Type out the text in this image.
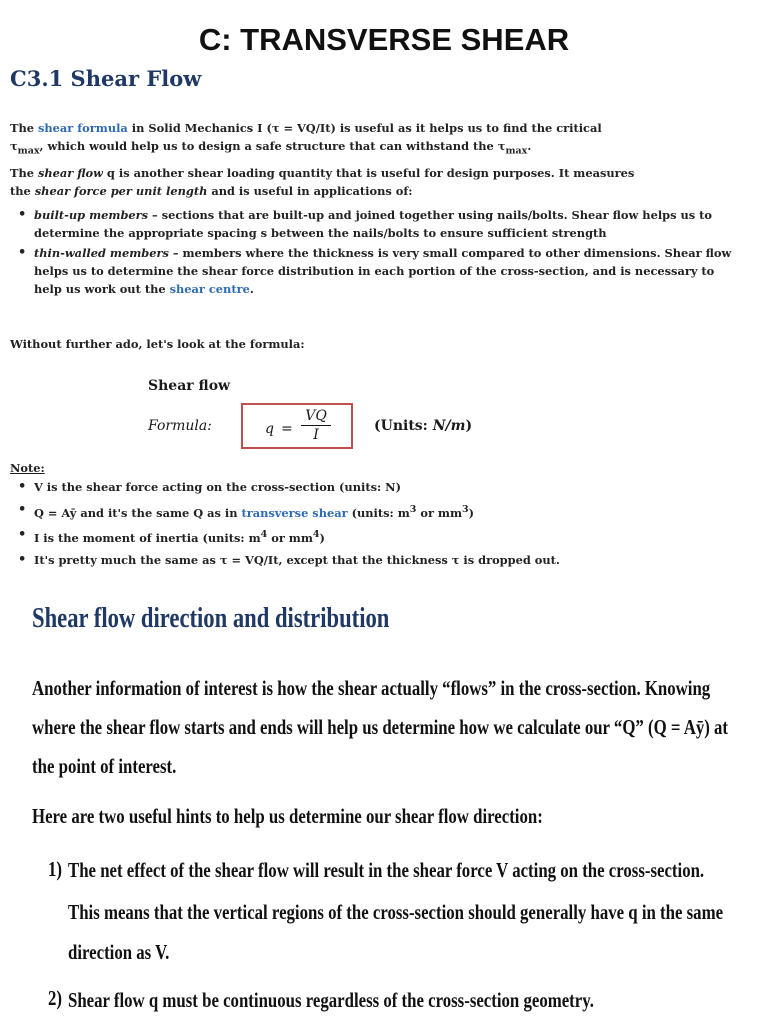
C: TRANSVERSE SHEAR
C3.1 Shear Flow
The shear formula in Solid Mechanics I (τ = VQ/It) is useful as it helps us to find the critical
$\tau_{max}$, which would help us to design a safe structure that can withstand the $\tau_{max}$.
The shear flow q is another shear loading quantity that is useful for design purposes. It measures
the shear force per unit length and is useful in applications of:
• built-up members – sections that are built-up and joined together using nails/bolts. Shear flow helps us to determine the appropriate spacing s between the nails/bolts to ensure sufficient strength
• thin-walled members – members where the thickness is very small compared to other dimensions. Shear flow helps us to determine the shear force distribution in each portion of the cross-section, and is necessary to help us work out the shear centre.
Without further ado, let's look at the formula:
Shear flow
Formula:	$q = \frac{VQ}{I}$	(Units: N/m)
Note:
• V is the shear force acting on the cross-section (units: N)
• Q = Aȳ and it's the same Q as in transverse shear (units: $m^3$ or $mm^3$)
• I is the moment of inertia (units: $m^4$ or $mm^4$)
• It's pretty much the same as τ = VQ/It, except that the thickness τ is dropped out.
Shear flow direction and distribution
Another information of interest is how the shear actually “flows” in the cross-section. Knowing
where the shear flow starts and ends will help us determine how we calculate our “Q” (Q = Aȳ) at
the point of interest.
Here are two useful hints to help us determine our shear flow direction:
1) The net effect of the shear flow will result in the shear force V acting on the cross-section.
This means that the vertical regions of the cross-section should generally have q in the same
direction as V.
2) Shear flow q must be continuous regardless of the cross-section geometry.
